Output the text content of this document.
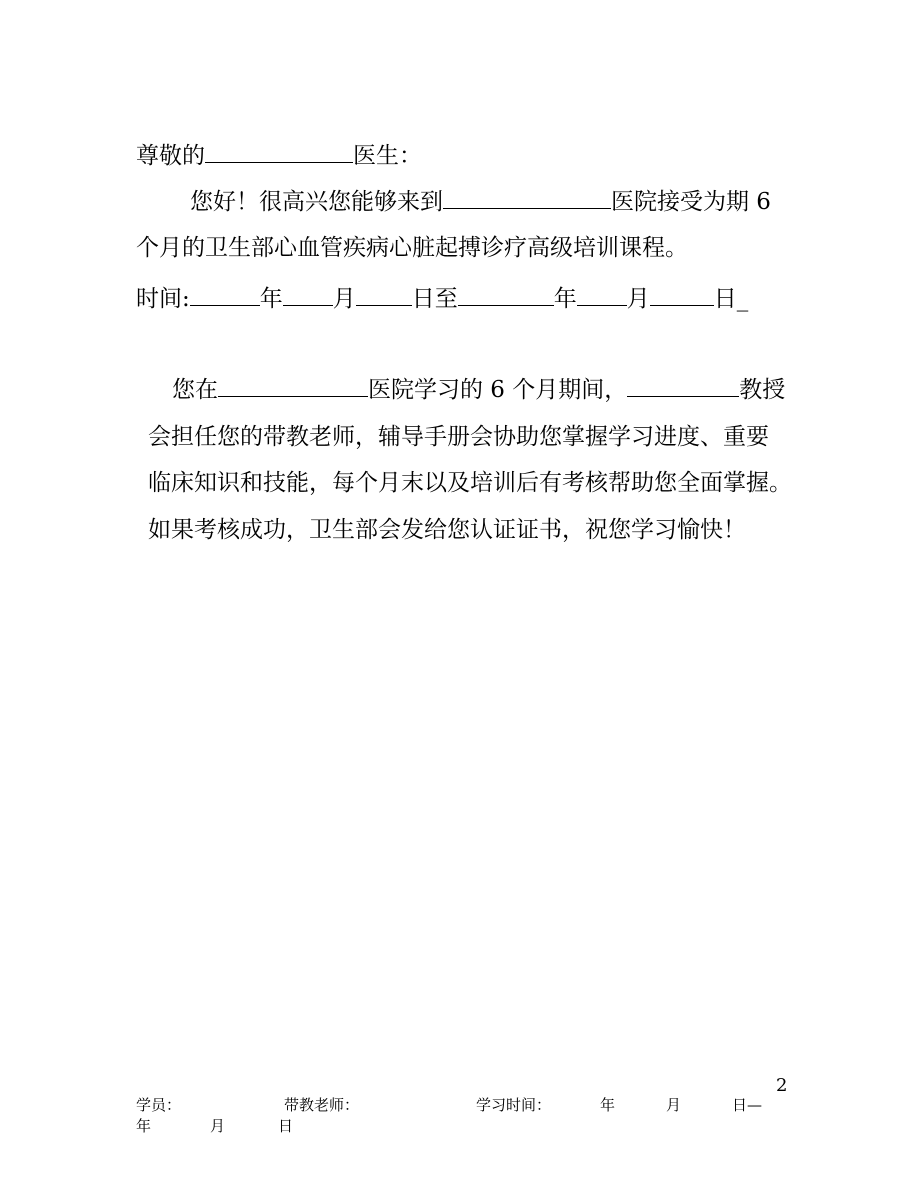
尊敬的	医生：
您好！很高兴您能够来到	医院接受为期 6
个月的卫生部心血管疾病心脏起搏诊疗高级培训课程。
时间:	年 月 日至	年 月	日_
您在	医院学习的 6 个月期间，	教授
会担任您的带教老师，辅导手册会协助您掌握学习进度、重要
临床知识和技能，每个月末以及培训后有考核帮助您全面掌握。
如果考核成功，卫生部会发给您认证证书，祝您学习愉快！
2
学员：	带教老师：	学习时间：	年	月	日—
年	月	日
